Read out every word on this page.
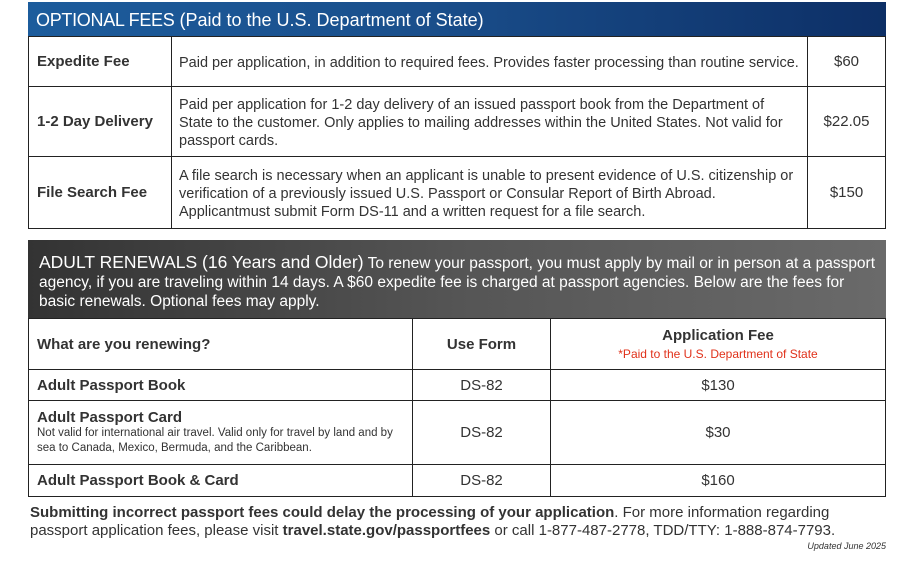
OPTIONAL FEES (Paid to the U.S. Department of State)
Expedite Fee	Paid per application, in addition to required fees. Provides faster processing than routine service.	$60
1-2 Day Delivery	Paid per application for 1-2 day delivery of an issued passport book from the Department of State to the customer. Only applies to mailing addresses within the United States. Not valid for passport cards.	$22.05
File Search Fee	A file search is necessary when an applicant is unable to present evidence of U.S. citizenship or verification of a previously issued U.S. Passport or Consular Report of Birth Abroad. Applicantmust submit Form DS-11 and a written request for a file search.	$150
ADULT RENEWALS (16 Years and Older) To renew your passport, you must apply by mail or in person at a passport agency, if you are traveling within 14 days. A $60 expedite fee is charged at passport agencies. Below are the fees for basic renewals. Optional fees may apply.
What are you renewing?	Use Form	Application Fee
*Paid to the U.S. Department of State

Adult Passport Book	DS-82	$130
Adult Passport Card
Not valid for international air travel. Valid only for travel by land and by sea to Canada, Mexico, Bermuda, and the Caribbean.	DS-82	$30
Adult Passport Book & Card	DS-82	$160
Submitting incorrect passport fees could delay the processing of your application. For more information regarding passport application fees, please visit travel.state.gov/passportfees or call 1-877-487-2778, TDD/TTY: 1-888-874-7793.
Updated June 2025
